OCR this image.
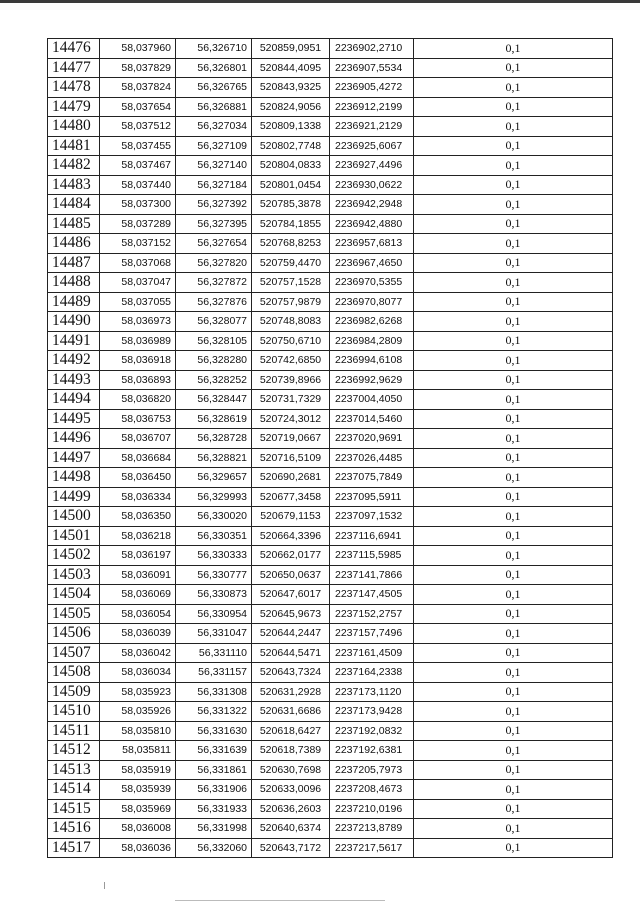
14476	58,037960	56,326710	520859,0951	2236902,2710	0,1
14477	58,037829	56,326801	520844,4095	2236907,5534	0,1
14478	58,037824	56,326765	520843,9325	2236905,4272	0,1
14479	58,037654	56,326881	520824,9056	2236912,2199	0,1
14480	58,037512	56,327034	520809,1338	2236921,2129	0,1
14481	58,037455	56,327109	520802,7748	2236925,6067	0,1
14482	58,037467	56,327140	520804,0833	2236927,4496	0,1
14483	58,037440	56,327184	520801,0454	2236930,0622	0,1
14484	58,037300	56,327392	520785,3878	2236942,2948	0,1
14485	58,037289	56,327395	520784,1855	2236942,4880	0,1
14486	58,037152	56,327654	520768,8253	2236957,6813	0,1
14487	58,037068	56,327820	520759,4470	2236967,4650	0,1
14488	58,037047	56,327872	520757,1528	2236970,5355	0,1
14489	58,037055	56,327876	520757,9879	2236970,8077	0,1
14490	58,036973	56,328077	520748,8083	2236982,6268	0,1
14491	58,036989	56,328105	520750,6710	2236984,2809	0,1
14492	58,036918	56,328280	520742,6850	2236994,6108	0,1
14493	58,036893	56,328252	520739,8966	2236992,9629	0,1
14494	58,036820	56,328447	520731,7329	2237004,4050	0,1
14495	58,036753	56,328619	520724,3012	2237014,5460	0,1
14496	58,036707	56,328728	520719,0667	2237020,9691	0,1
14497	58,036684	56,328821	520716,5109	2237026,4485	0,1
14498	58,036450	56,329657	520690,2681	2237075,7849	0,1
14499	58,036334	56,329993	520677,3458	2237095,5911	0,1
14500	58,036350	56,330020	520679,1153	2237097,1532	0,1
14501	58,036218	56,330351	520664,3396	2237116,6941	0,1
14502	58,036197	56,330333	520662,0177	2237115,5985	0,1
14503	58,036091	56,330777	520650,0637	2237141,7866	0,1
14504	58,036069	56,330873	520647,6017	2237147,4505	0,1
14505	58,036054	56,330954	520645,9673	2237152,2757	0,1
14506	58,036039	56,331047	520644,2447	2237157,7496	0,1
14507	58,036042	56,331110	520644,5471	2237161,4509	0,1
14508	58,036034	56,331157	520643,7324	2237164,2338	0,1
14509	58,035923	56,331308	520631,2928	2237173,1120	0,1
14510	58,035926	56,331322	520631,6686	2237173,9428	0,1
14511	58,035810	56,331630	520618,6427	2237192,0832	0,1
14512	58,035811	56,331639	520618,7389	2237192,6381	0,1
14513	58,035919	56,331861	520630,7698	2237205,7973	0,1
14514	58,035939	56,331906	520633,0096	2237208,4673	0,1
14515	58,035969	56,331933	520636,2603	2237210,0196	0,1
14516	58,036008	56,331998	520640,6374	2237213,8789	0,1
14517	58,036036	56,332060	520643,7172	2237217,5617	0,1
